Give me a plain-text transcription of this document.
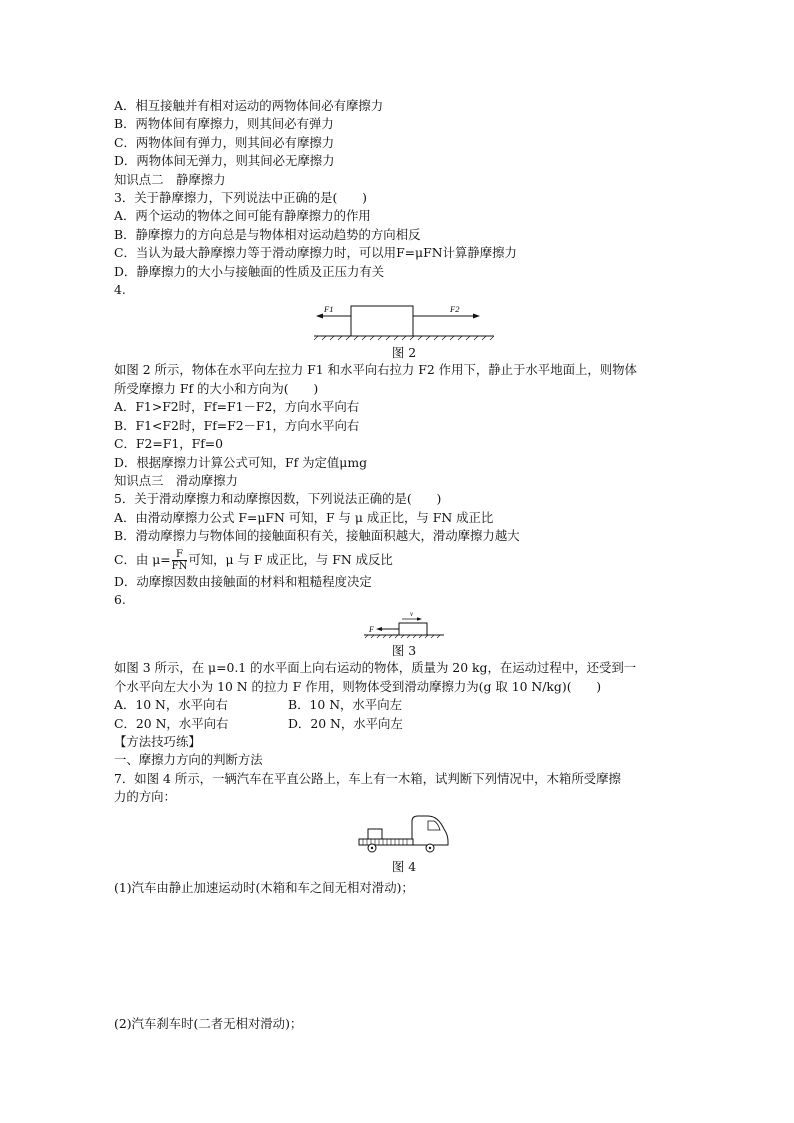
A．相互接触并有相对运动的两物体间必有摩擦力
B．两物体间有摩擦力，则其间必有弹力
C．两物体间有弹力，则其间必有摩擦力
D．两物体间无弹力，则其间必无摩擦力
知识点二　静摩擦力
3．关于静摩擦力，下列说法中正确的是(　　)
A．两个运动的物体之间可能有静摩擦力的作用
B．静摩擦力的方向总是与物体相对运动趋势的方向相反
C．当认为最大静摩擦力等于滑动摩擦力时，可以用F=μFN计算静摩擦力
D．静摩擦力的大小与接触面的性质及正压力有关
4.
F1	F2
图 2
如图 2 所示，物体在水平向左拉力 F1 和水平向右拉力 F2 作用下，静止于水平地面上，则物体
所受摩擦力 Ff 的大小和方向为(　　)
A．F1>F2时，Ff=F1－F2，方向水平向右
B．F1<F2时，Ff=F2－F1，方向水平向右
C．F2=F1，Ff=0
D．根据摩擦力计算公式可知，Ff 为定值μmg
知识点三　滑动摩擦力
5．关于滑动摩擦力和动摩擦因数，下列说法正确的是(　　)
A．由滑动摩擦力公式 F=μFN 可知，F 与 μ 成正比，与 FN 成正比
B．滑动摩擦力与物体间的接触面积有关，接触面积越大，滑动摩擦力越大
C．由 $\mu= \frac{F}{FN}$ 可知，μ 与 F 成正比，与 FN 成反比
D．动摩擦因数由接触面的材料和粗糙程度决定
6.
F
v
图 3
如图 3 所示，在 μ=0.1 的水平面上向右运动的物体，质量为 20 kg，在运动过程中，还受到一
个水平向左大小为 10 N 的拉力 F 作用，则物体受到滑动摩擦力为(g 取 10 N/kg)(　　)
A．10 N，水平向右	B．10 N，水平向左
C．20 N，水平向右	D．20 N，水平向左
【方法技巧练】
一、摩擦力方向的判断方法
7．如图 4 所示，一辆汽车在平直公路上，车上有一木箱，试判断下列情况中，木箱所受摩擦
力的方向：
图 4
(1)汽车由静止加速运动时(木箱和车之间无相对滑动)；
(2)汽车刹车时(二者无相对滑动)；
